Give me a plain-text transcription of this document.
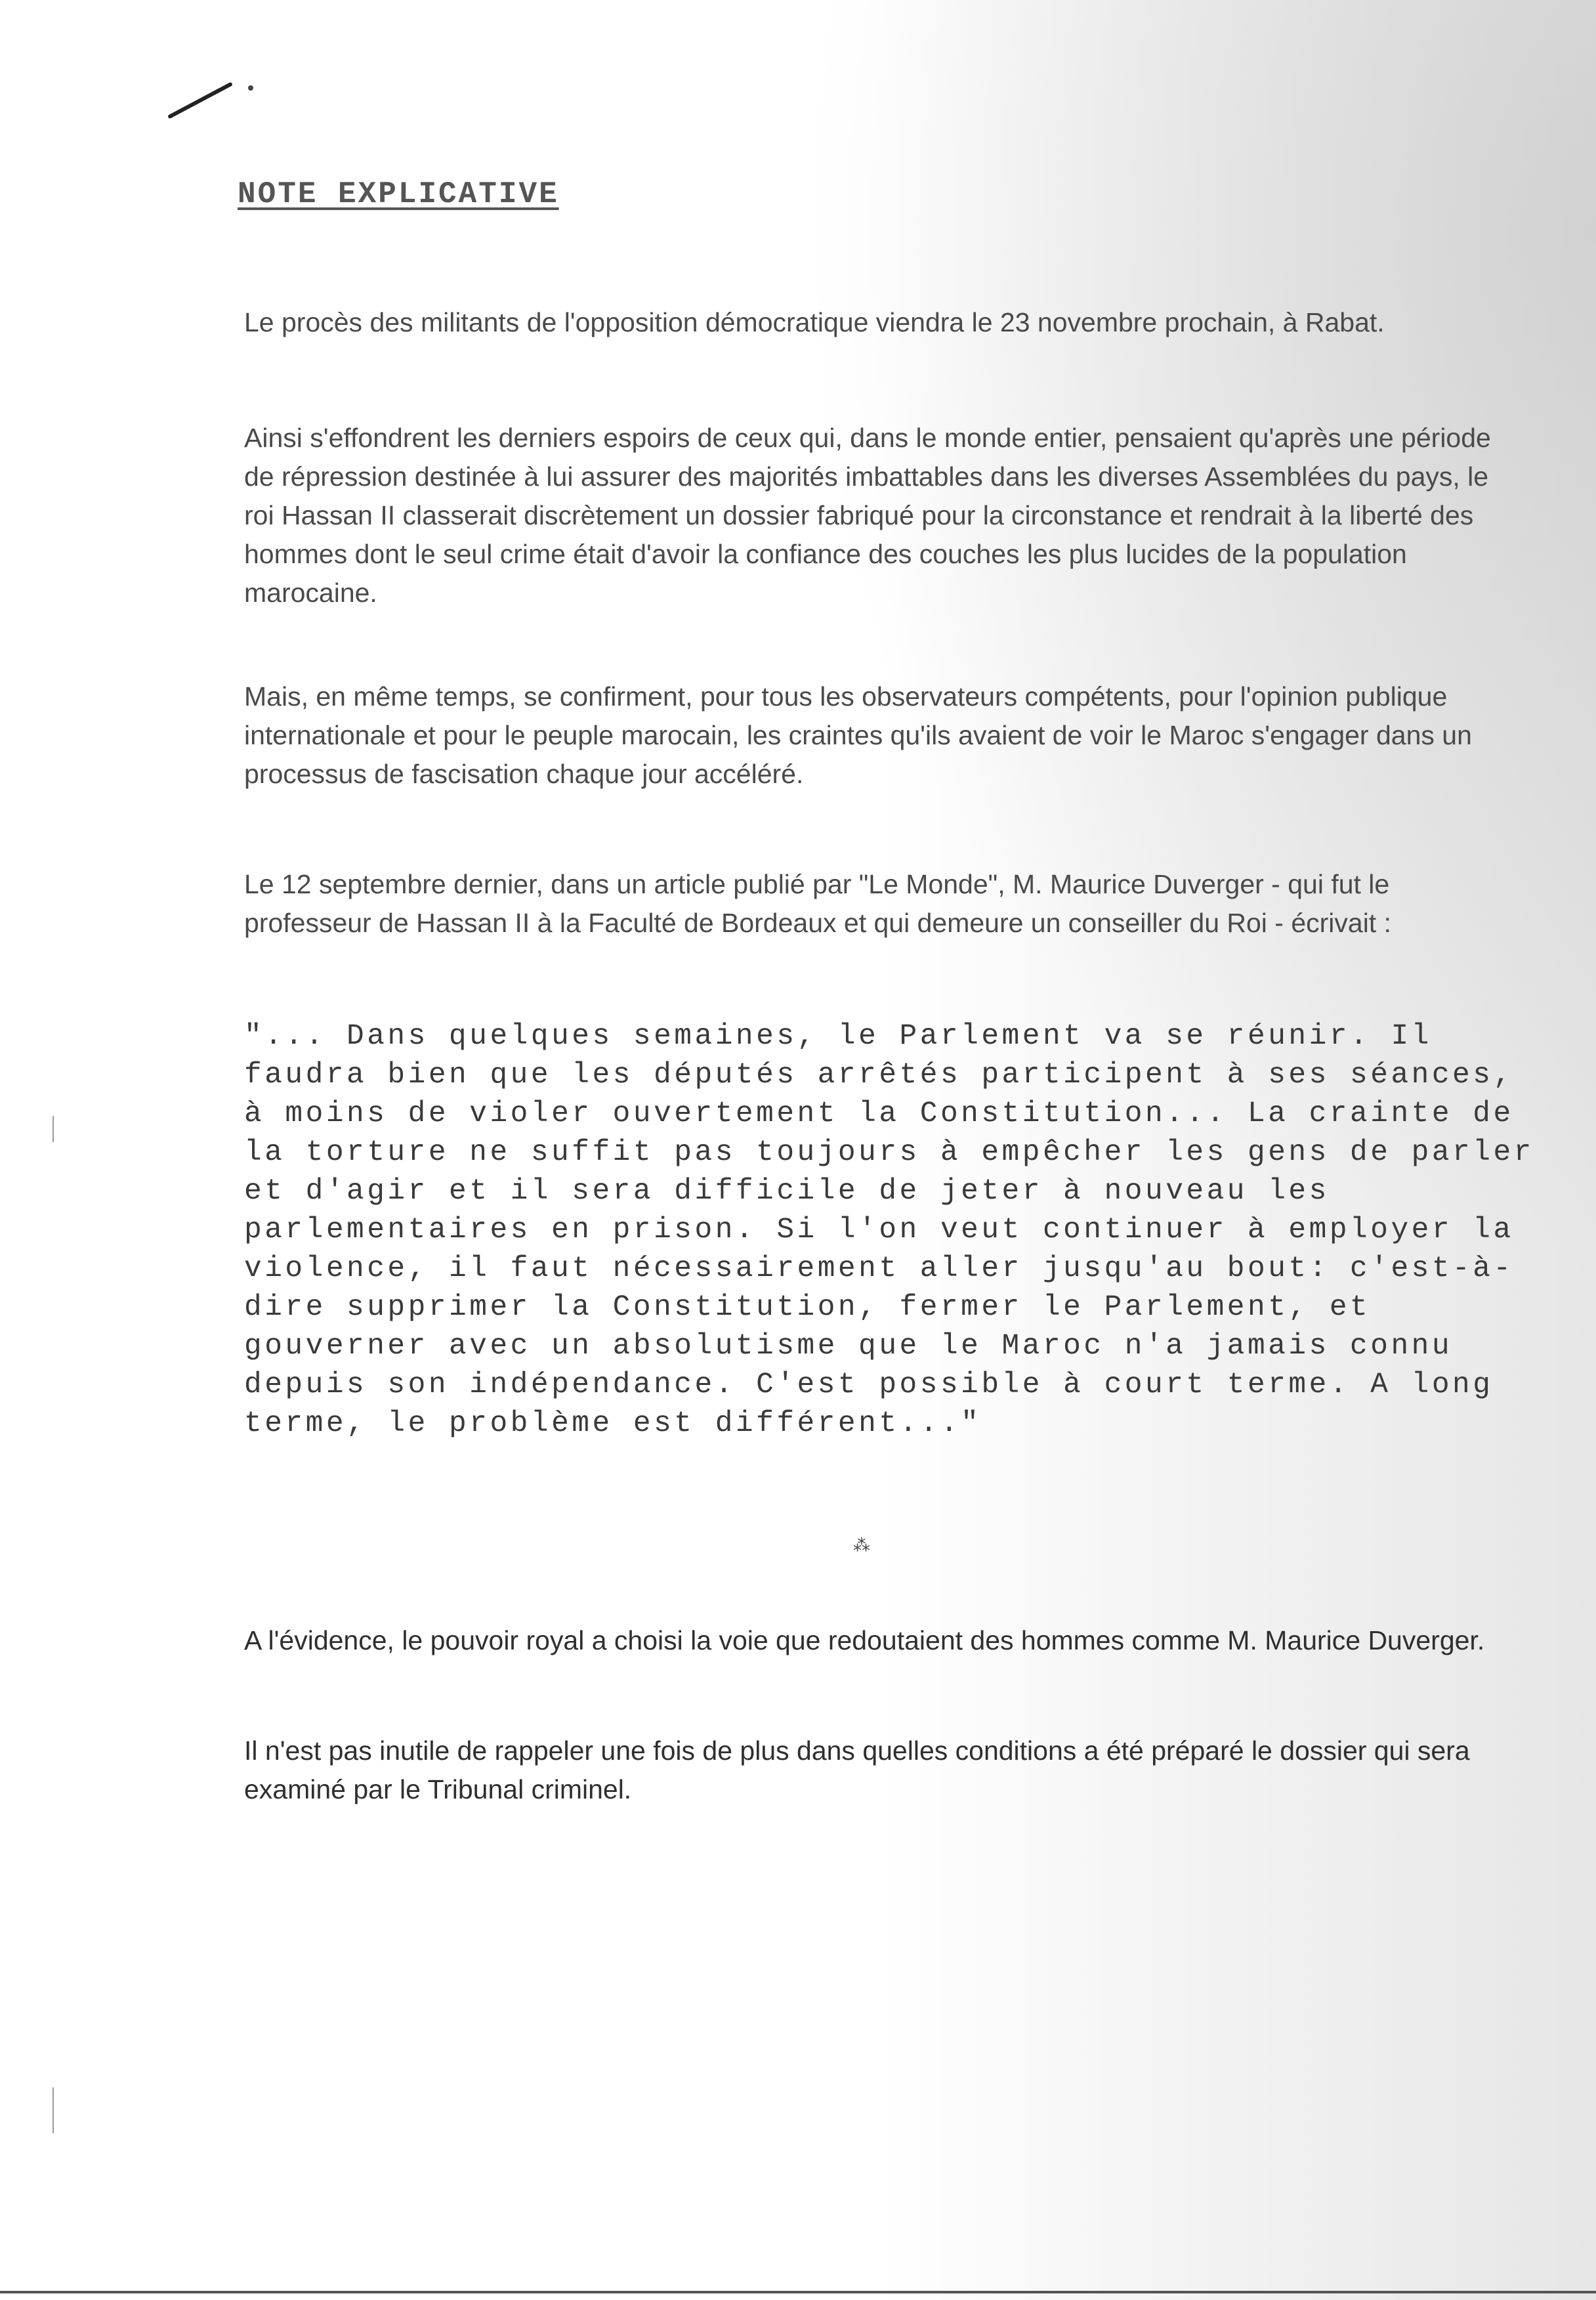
NOTE EXPLICATIVE

Le procès des militants de l'opposition démocratique viendra le 23 novembre prochain, à Rabat.

Ainsi s'effondrent les derniers espoirs de ceux qui, dans le monde entier, pensaient qu'après une période de répression destinée à lui assurer des majorités imbattables dans les diverses Assemblées du pays, le roi Hassan II classerait discrètement un dossier fabriqué pour la circonstance et rendrait à la liberté des hommes dont le seul crime était d'avoir la confiance des couches les plus lucides de la population marocaine.

Mais, en même temps, se confirment, pour tous les observateurs compétents, pour l'opinion publique internationale et pour le peuple marocain, les craintes qu'ils avaient de voir le Maroc s'engager dans un processus de fascisation chaque jour accéléré.

Le 12 septembre dernier, dans un article publié par "Le Monde", M. Maurice Duverger - qui fut le professeur de Hassan II à la Faculté de Bordeaux et qui demeure un conseiller du Roi - écrivait :

"... Dans quelques semaines, le Parlement va se réunir. Il faudra bien que les députés arrêtés participent à ses séances, à moins de violer ouvertement la Constitution... La crainte de la torture ne suffit pas toujours à empêcher les gens de parler et d'agir et il sera difficile de jeter à nouveau les parlementaires en prison. Si l'on veut continuer à employer la violence, il faut nécessairement aller jusqu'au bout: c'est-à-dire supprimer la Constitution, fermer le Parlement, et gouverner avec un absolutisme que le Maroc n'a jamais connu depuis son indépendance. C'est possible à court terme. A long terme, le problème est différent..."

⁂

A l'évidence, le pouvoir royal a choisi la voie que redoutaient des hommes comme M. Maurice Duverger.

Il n'est pas inutile de rappeler une fois de plus dans quelles conditions a été préparé le dossier qui sera examiné par le Tribunal criminel.
